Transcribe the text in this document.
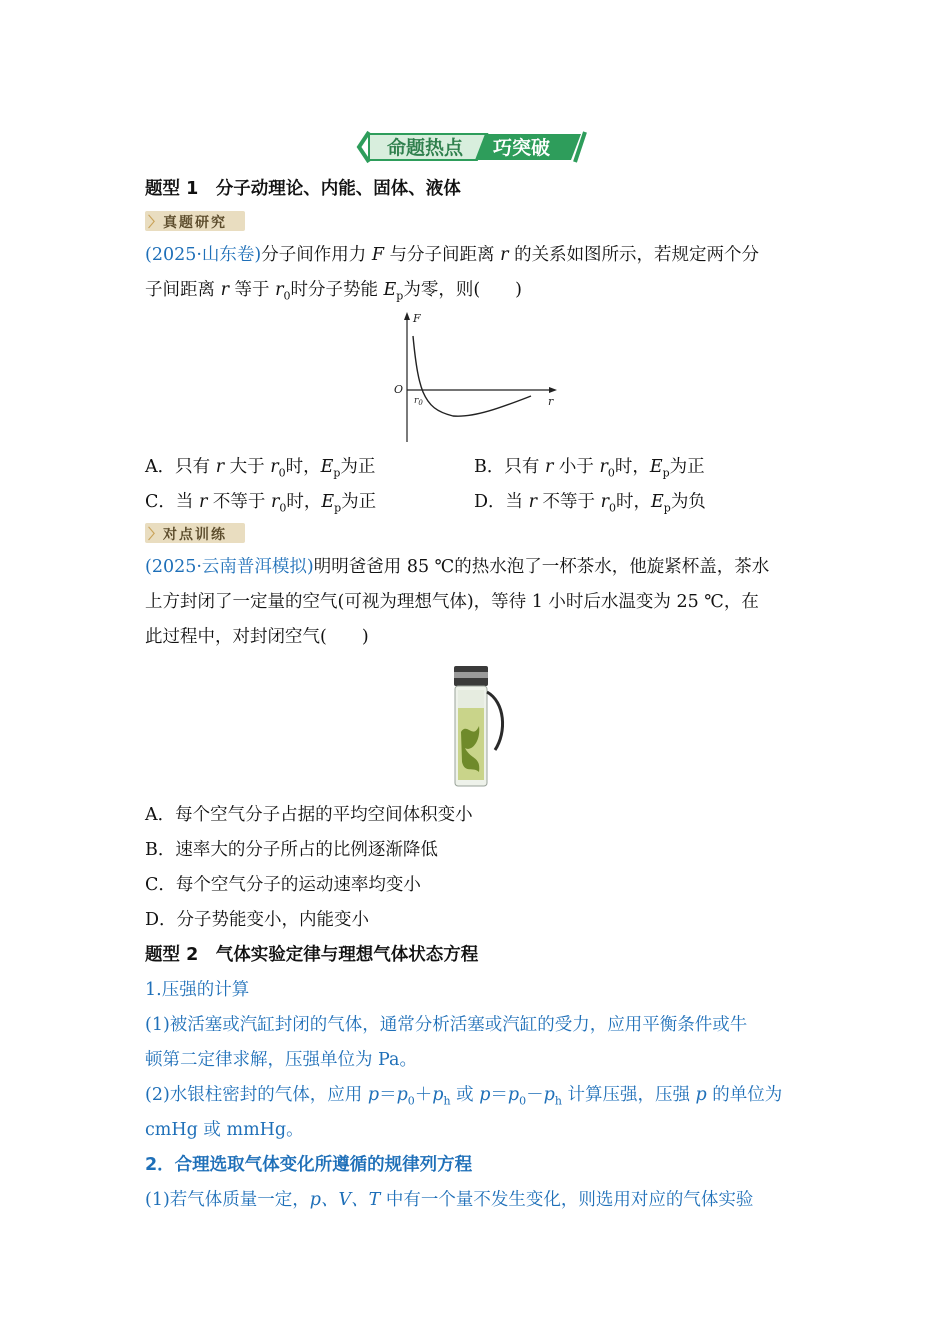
命题热点 巧突破
题型 1　分子动理论、内能、固体、液体
〉 真题研究
(2025·山东卷)分子间作用力 F 与分子间距离 r 的关系如图所示，若规定两个分
子间距离 r 等于 $r_0$时分子势能 $E_p$为零，则(　　)
F
O
$r_0$	r
A．只有 r 大于 $r_0$时，$E_p$为正	B．只有 r 小于 $r_0$时，$E_p$为正
C．当 r 不等于 $r_0$时，$E_p$为正	D．当 r 不等于 $r_0$时，$E_p$为负
〉 对点训练
(2025·云南普洱模拟)明明爸爸用 85 ℃的热水泡了一杯茶水，他旋紧杯盖，茶水
上方封闭了一定量的空气(可视为理想气体)，等待 1 小时后水温变为 25 ℃，在
此过程中，对封闭空气(　　)
A．每个空气分子占据的平均空间体积变小
B．速率大的分子所占的比例逐渐降低
C．每个空气分子的运动速率均变小
D．分子势能变小，内能变小
题型 2　气体实验定律与理想气体状态方程
1.压强的计算
(1)被活塞或汽缸封闭的气体，通常分析活塞或汽缸的受力，应用平衡条件或牛
顿第二定律求解，压强单位为 Pa。
(2)水银柱密封的气体，应用 $p=p_0+p_h$ 或 $p=p_0-p_h$ 计算压强，压强 p 的单位为
cmHg 或 mmHg。
2．合理选取气体变化所遵循的规律列方程
(1)若气体质量一定，p、V、T 中有一个量不发生变化，则选用对应的气体实验
